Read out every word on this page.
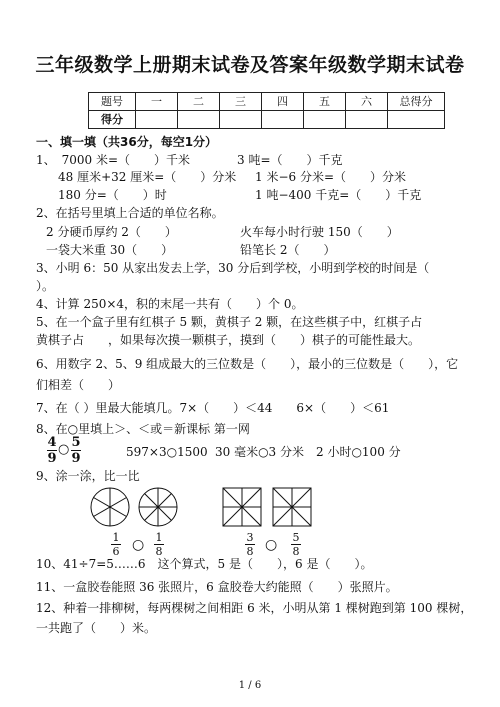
三年级数学上册期末试卷及答案年级数学期末试卷
题号	一	二	三	四	五	六	总得分
得分							
一、填一填（共36分，每空1分）
1、　7000 米=（　　）千米	3 吨=（　　）千克
48 厘米+32 厘米=（　　）分米 1 米−6 分米=（　　）分米
180 分=（　　）时	1 吨−400 千克=（　　）千克
2、在括号里填上合适的单位名称。
2 分硬币厚约 2（　　）	火车每小时行驶 150（　　）
一袋大米重 30（　　）	铅笔长 2（　　）
3、小明 6：50 从家出发去上学，30 分后到学校，小明到学校的时间是（
）。
4、计算 250×4，积的末尾一共有（　　）个 0。
5、在一个盒子里有红棋子 5 颗，黄棋子 2 颗，在这些棋子中，红棋子占
黄棋子占　　，如果每次摸一颗棋子，摸到（　　）棋子的可能性最大。
6、用数字 2、5、9 组成最大的三位数是（　　），最小的三位数是（　　），它
们相差（　　）
7、在（ ）里最大能填几。7×（　　）＜44　　6×（　　）＜61
8、在○里填上＞、＜或＝新课标 第一网
4
9
○ 5
9	597×3○1500 30 毫米○3 分米 2 小时○100 分
9、涂一涂，比一比
1
6 ○ 1
8
3
8 ○ 5
8
10、41÷7=5……6　这个算式，5 是（　　），6 是（　　）。
11、一盒胶卷能照 36 张照片，6 盒胶卷大约能照（　　）张照片。
12、种着一排柳树，每两棵树之间相距 6 米，小明从第 1 棵树跑到第 100 棵树，
一共跑了（　　）米。
1 / 6
